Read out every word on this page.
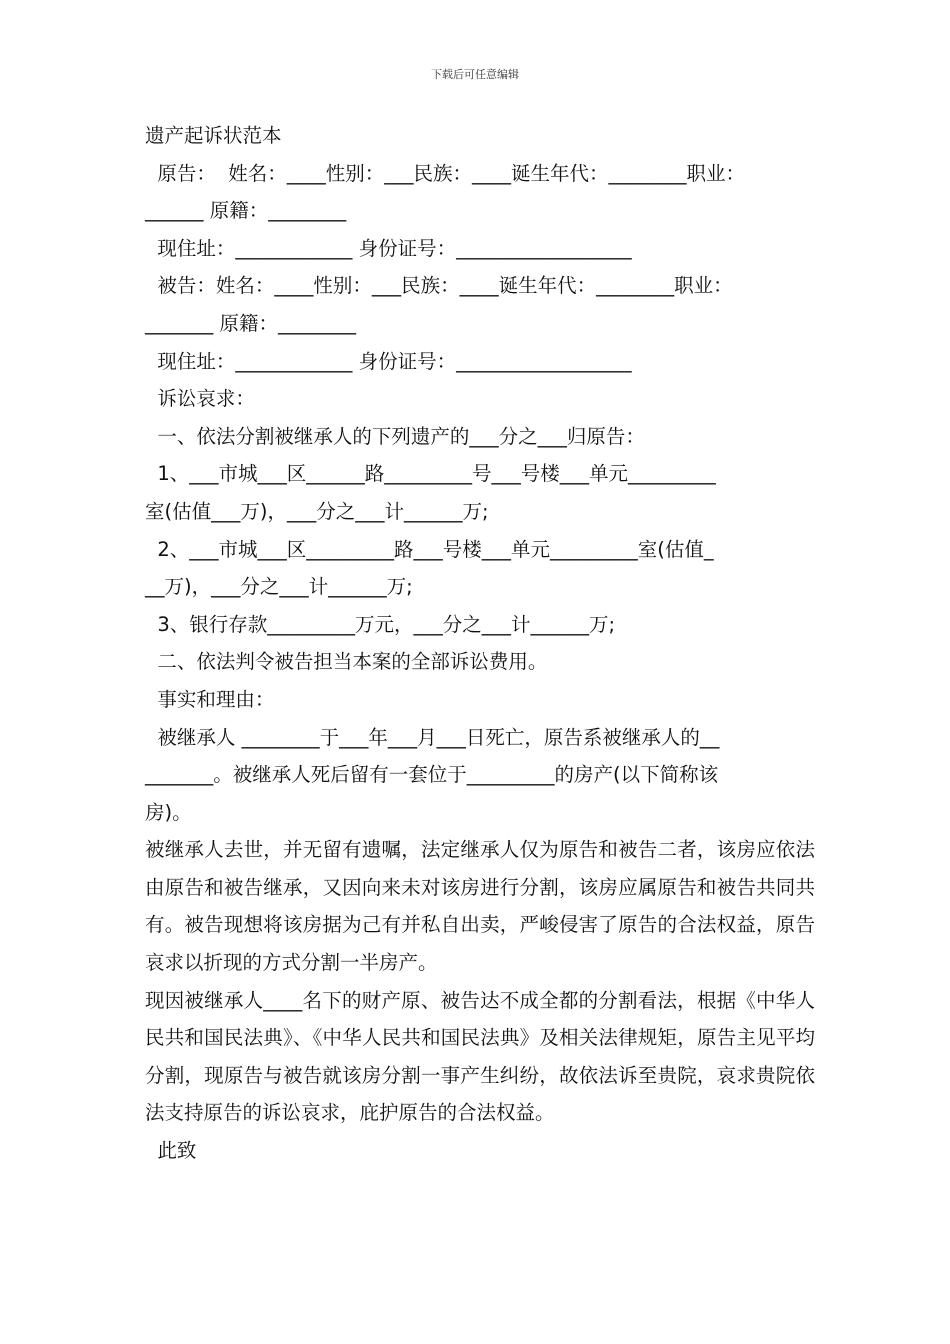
下载后可任意编辑

遗产起诉状范本

原告：  姓名：____性别：___民族：____诞生年代：________职业：

______ 原籍：________

现住址：____________ 身份证号：__________________

被告：姓名：____性别：___民族：____诞生年代：________职业：

_______ 原籍：________

现住址：____________ 身份证号：__________________

诉讼哀求：

一、依法分割被继承人的下列遗产的___分之___归原告：

1、___市城___区______路_________号___号楼___单元_________

室(估值___万)，___分之___计______万;

2、___市城___区_________路___号楼___单元_________室(估值_

__万)，___分之___计______万;

3、银行存款_________万元，___分之___计______万;

二、依法判令被告担当本案的全部诉讼费用。

事实和理由：

被继承人 ________于___年___月___日死亡，原告系被继承人的__

_______。被继承人死后留有一套位于_________的房产(以下简称该

房)。

被继承人去世，并无留有遗嘱，法定继承人仅为原告和被告二者，该房应依法由原告和被告继承，又因向来未对该房进行分割，该房应属原告和被告共同共有。被告现想将该房据为己有并私自出卖，严峻侵害了原告的合法权益，原告哀求以折现的方式分割一半房产。

现因被继承人____名下的财产原、被告达不成全都的分割看法，根据《中华人民共和国民法典》、《中华人民共和国民法典》及相关法律规矩，原告主见平均分割，现原告与被告就该房分割一事产生纠纷，故依法诉至贵院，哀求贵院依法支持原告的诉讼哀求，庇护原告的合法权益。

此致
